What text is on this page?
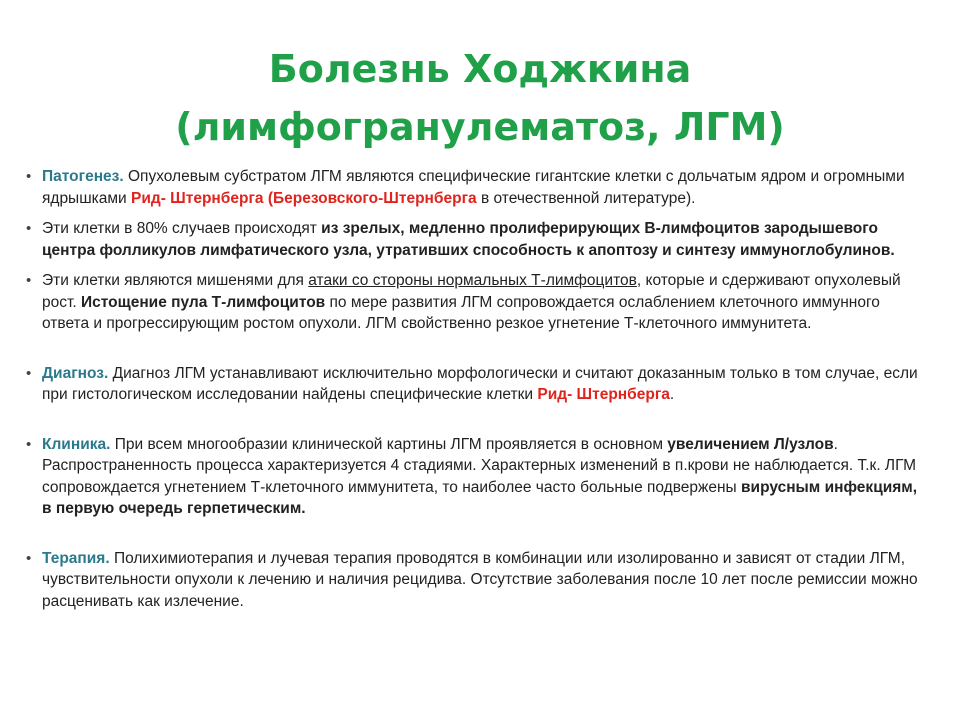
Болезнь Ходжкина (лимфогранулематоз, ЛГМ)
• Патогенез. Опухолевым субстратом ЛГМ являются специфические гигантские клетки с дольчатым ядром и огромными ядрышками Рид- Штернберга (Березовского-Штернберга в отечественной литературе).
• Эти клетки в 80% случаев происходят из зрелых, медленно пролиферирующих В-лимфоцитов зародышевого центра фолликулов лимфатического узла, утративших способность к апоптозу и синтезу иммуноглобулинов.
• Эти клетки являются мишенями для атаки со стороны нормальных Т-лимфоцитов, которые и сдерживают опухолевый рост. Истощение пула Т-лимфоцитов по мере развития ЛГМ сопровождается ослаблением клеточного иммунного ответа и прогрессирующим ростом опухоли. ЛГМ свойственно резкое угнетение Т-клеточного иммунитета.
• Диагноз. Диагноз ЛГМ устанавливают исключительно морфологически и считают доказанным только в том случае, если при гистологическом исследовании найдены специфические клетки Рид- Штернберга.
• Клиника. При всем многообразии клинической картины ЛГМ проявляется в основном увеличением Л/узлов. Распространенность процесса характеризуется 4 стадиями. Характерных изменений в п.крови не наблюдается. Т.к. ЛГМ сопровождается угнетением Т-клеточного иммунитета, то наиболее часто больные подвержены вирусным инфекциям, в первую очередь герпетическим.
• Терапия. Полихимиотерапия и лучевая терапия проводятся в комбинации или изолированно и зависят от стадии ЛГМ, чувствительности опухоли к лечению и наличия рецидива. Отсутствие заболевания после 10 лет после ремиссии можно расценивать как излечение.
